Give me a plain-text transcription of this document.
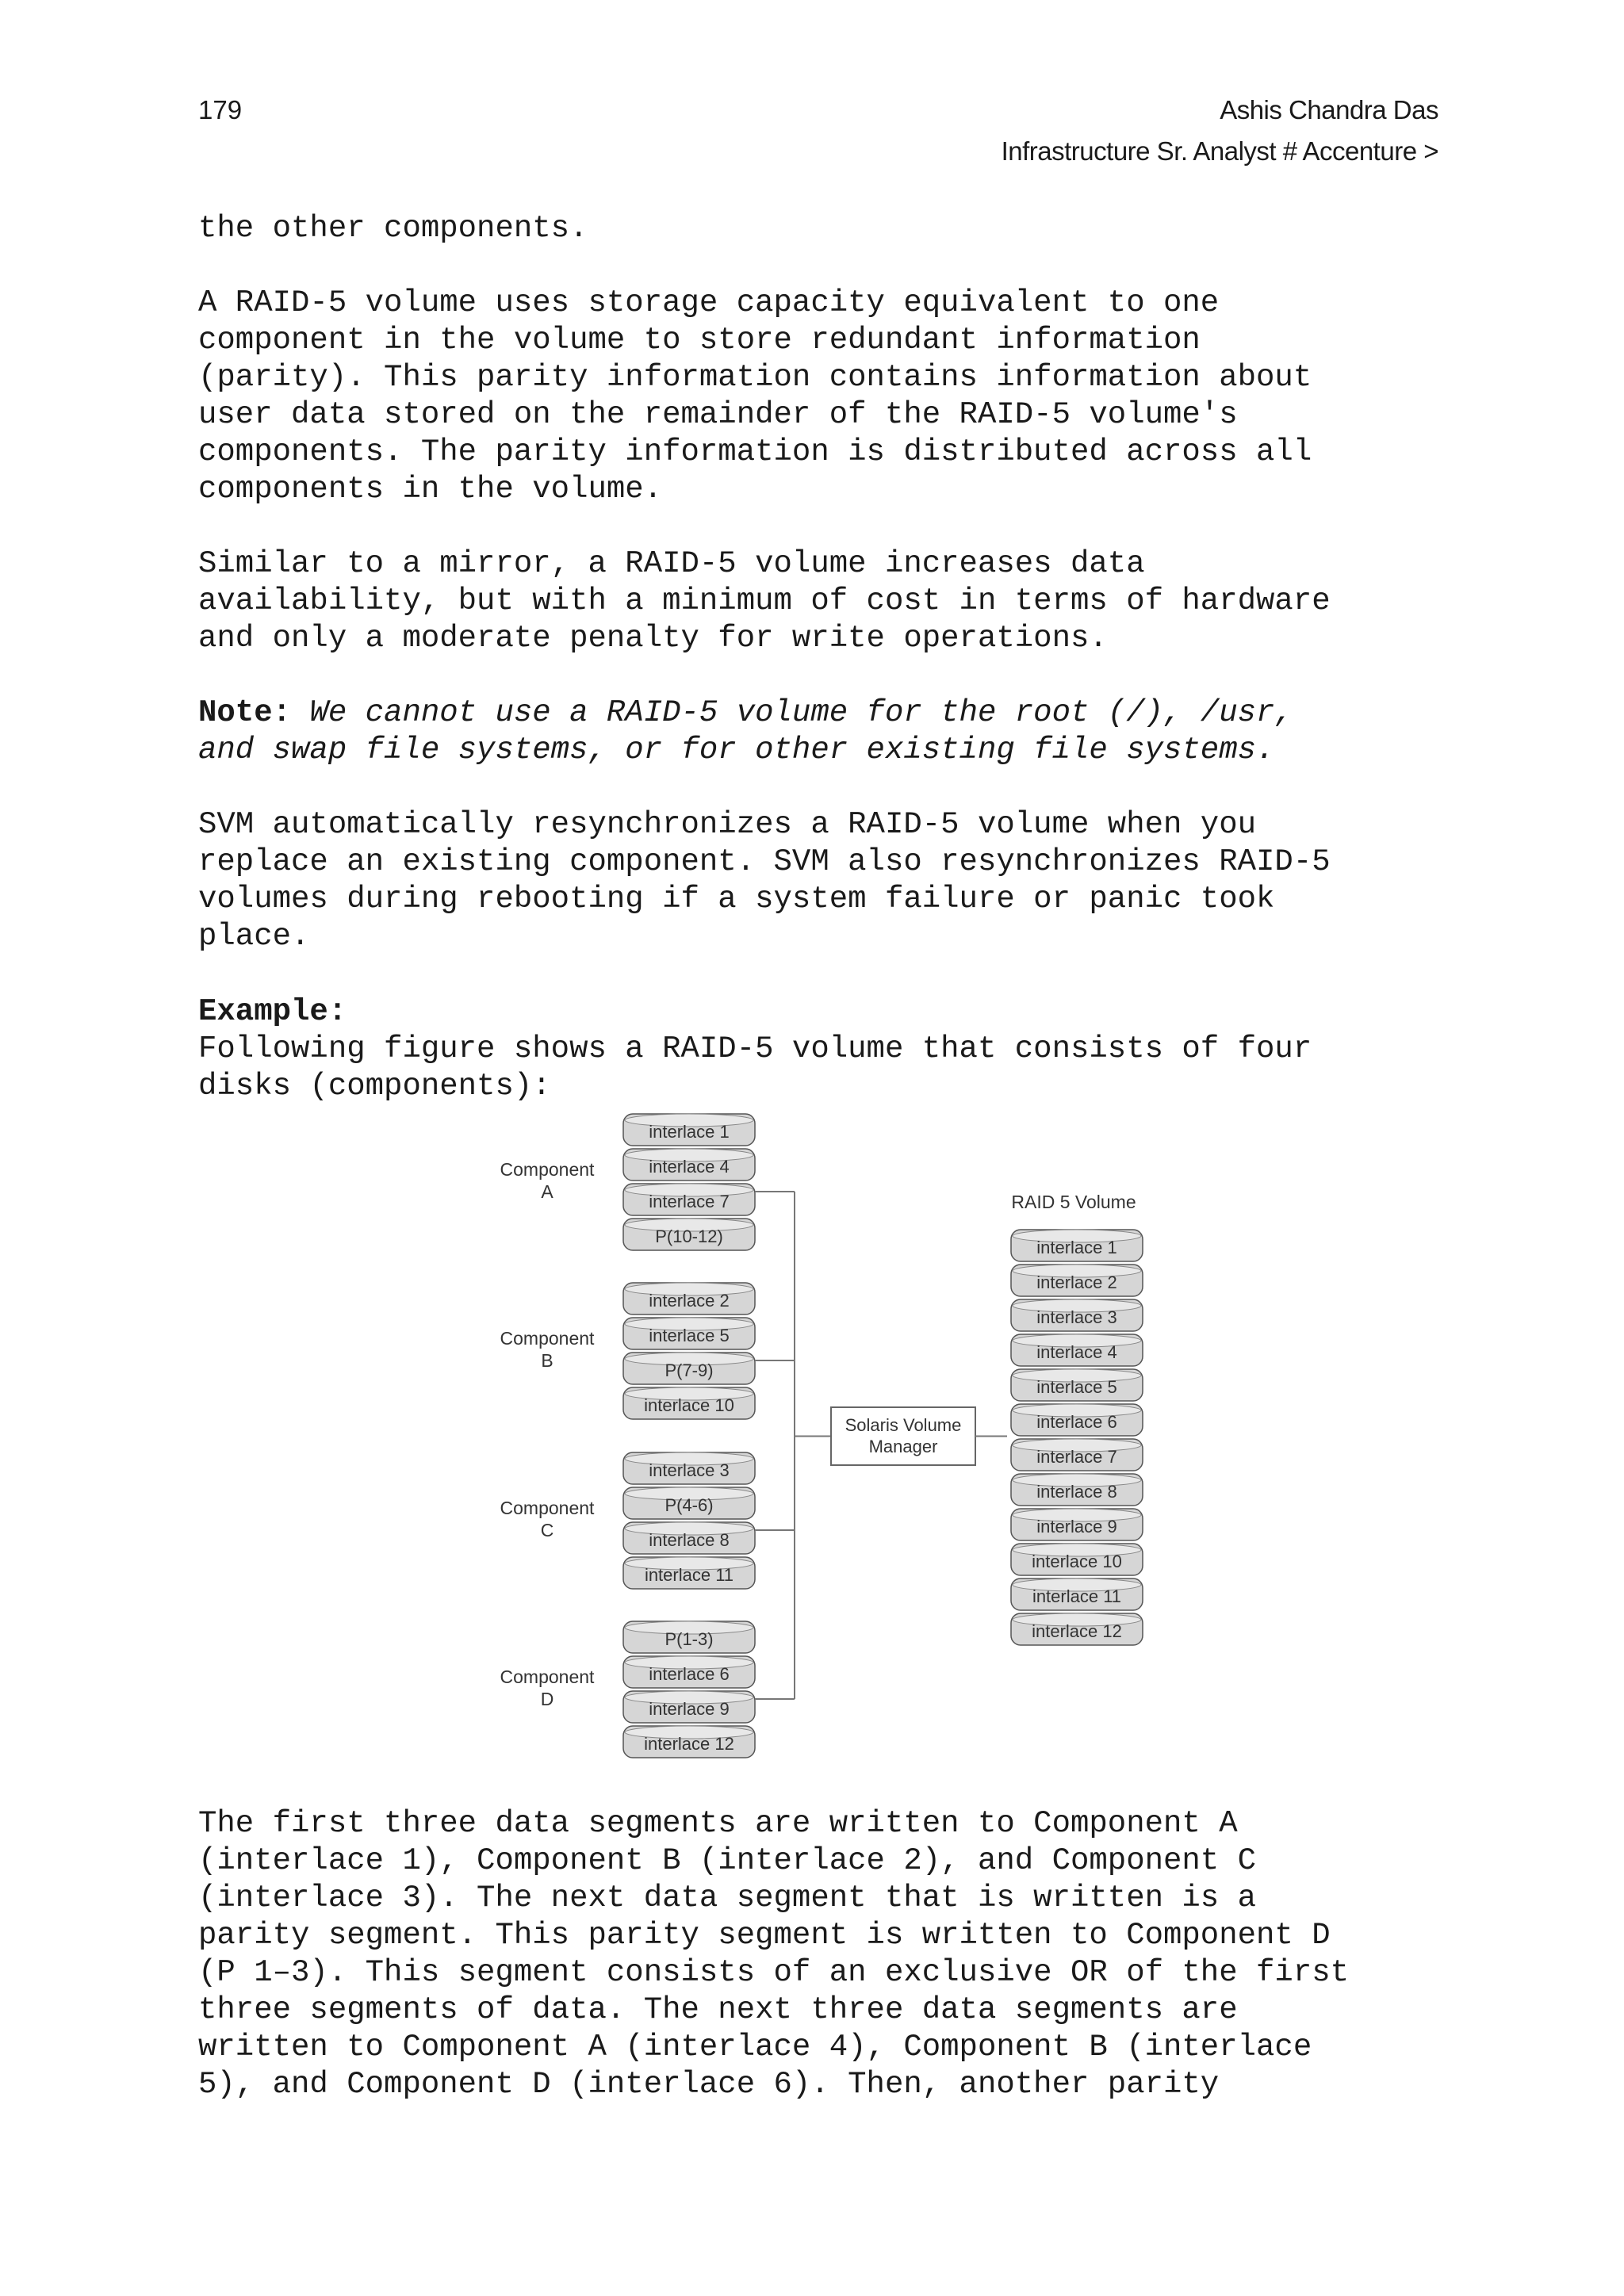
179	Ashis Chandra Das
Infrastructure Sr. Analyst # Accenture >

the other components.

A RAID-5 volume uses storage capacity equivalent to one
component in the volume to store redundant information
(parity). This parity information contains information about
user data stored on the remainder of the RAID-5 volume's
components. The parity information is distributed across all
components in the volume.

Similar to a mirror, a RAID-5 volume increases data
availability, but with a minimum of cost in terms of hardware
and only a moderate penalty for write operations.

Note: We cannot use a RAID-5 volume for the root (/), /usr,
and swap file systems, or for other existing file systems.

SVM automatically resynchronizes a RAID-5 volume when you
replace an existing component. SVM also resynchronizes RAID-5
volumes during rebooting if a system failure or panic took
place.

Example:

Following figure shows a RAID-5 volume that consists of four
disks (components):

Component
A
interlace 1
interlace 4
interlace 7
P(10-12)
Component
B
interlace 2
interlace 5
P(7-9)
interlace 10
Component
C
interlace 3
P(4-6)
interlace 8
interlace 11
Component
D
P(1-3)
interlace 6
interlace 9
interlace 12
Solaris Volume
Manager
RAID 5 Volume
interlace 1
interlace 2
interlace 3
interlace 4
interlace 5
interlace 6
interlace 7
interlace 8
interlace 9
interlace 10
interlace 11
interlace 12

The first three data segments are written to Component A
(interlace 1), Component B (interlace 2), and Component C
(interlace 3). The next data segment that is written is a
parity segment. This parity segment is written to Component D
(P 1–3). This segment consists of an exclusive OR of the first
three segments of data. The next three data segments are
written to Component A (interlace 4), Component B (interlace
5), and Component D (interlace 6). Then, another parity
